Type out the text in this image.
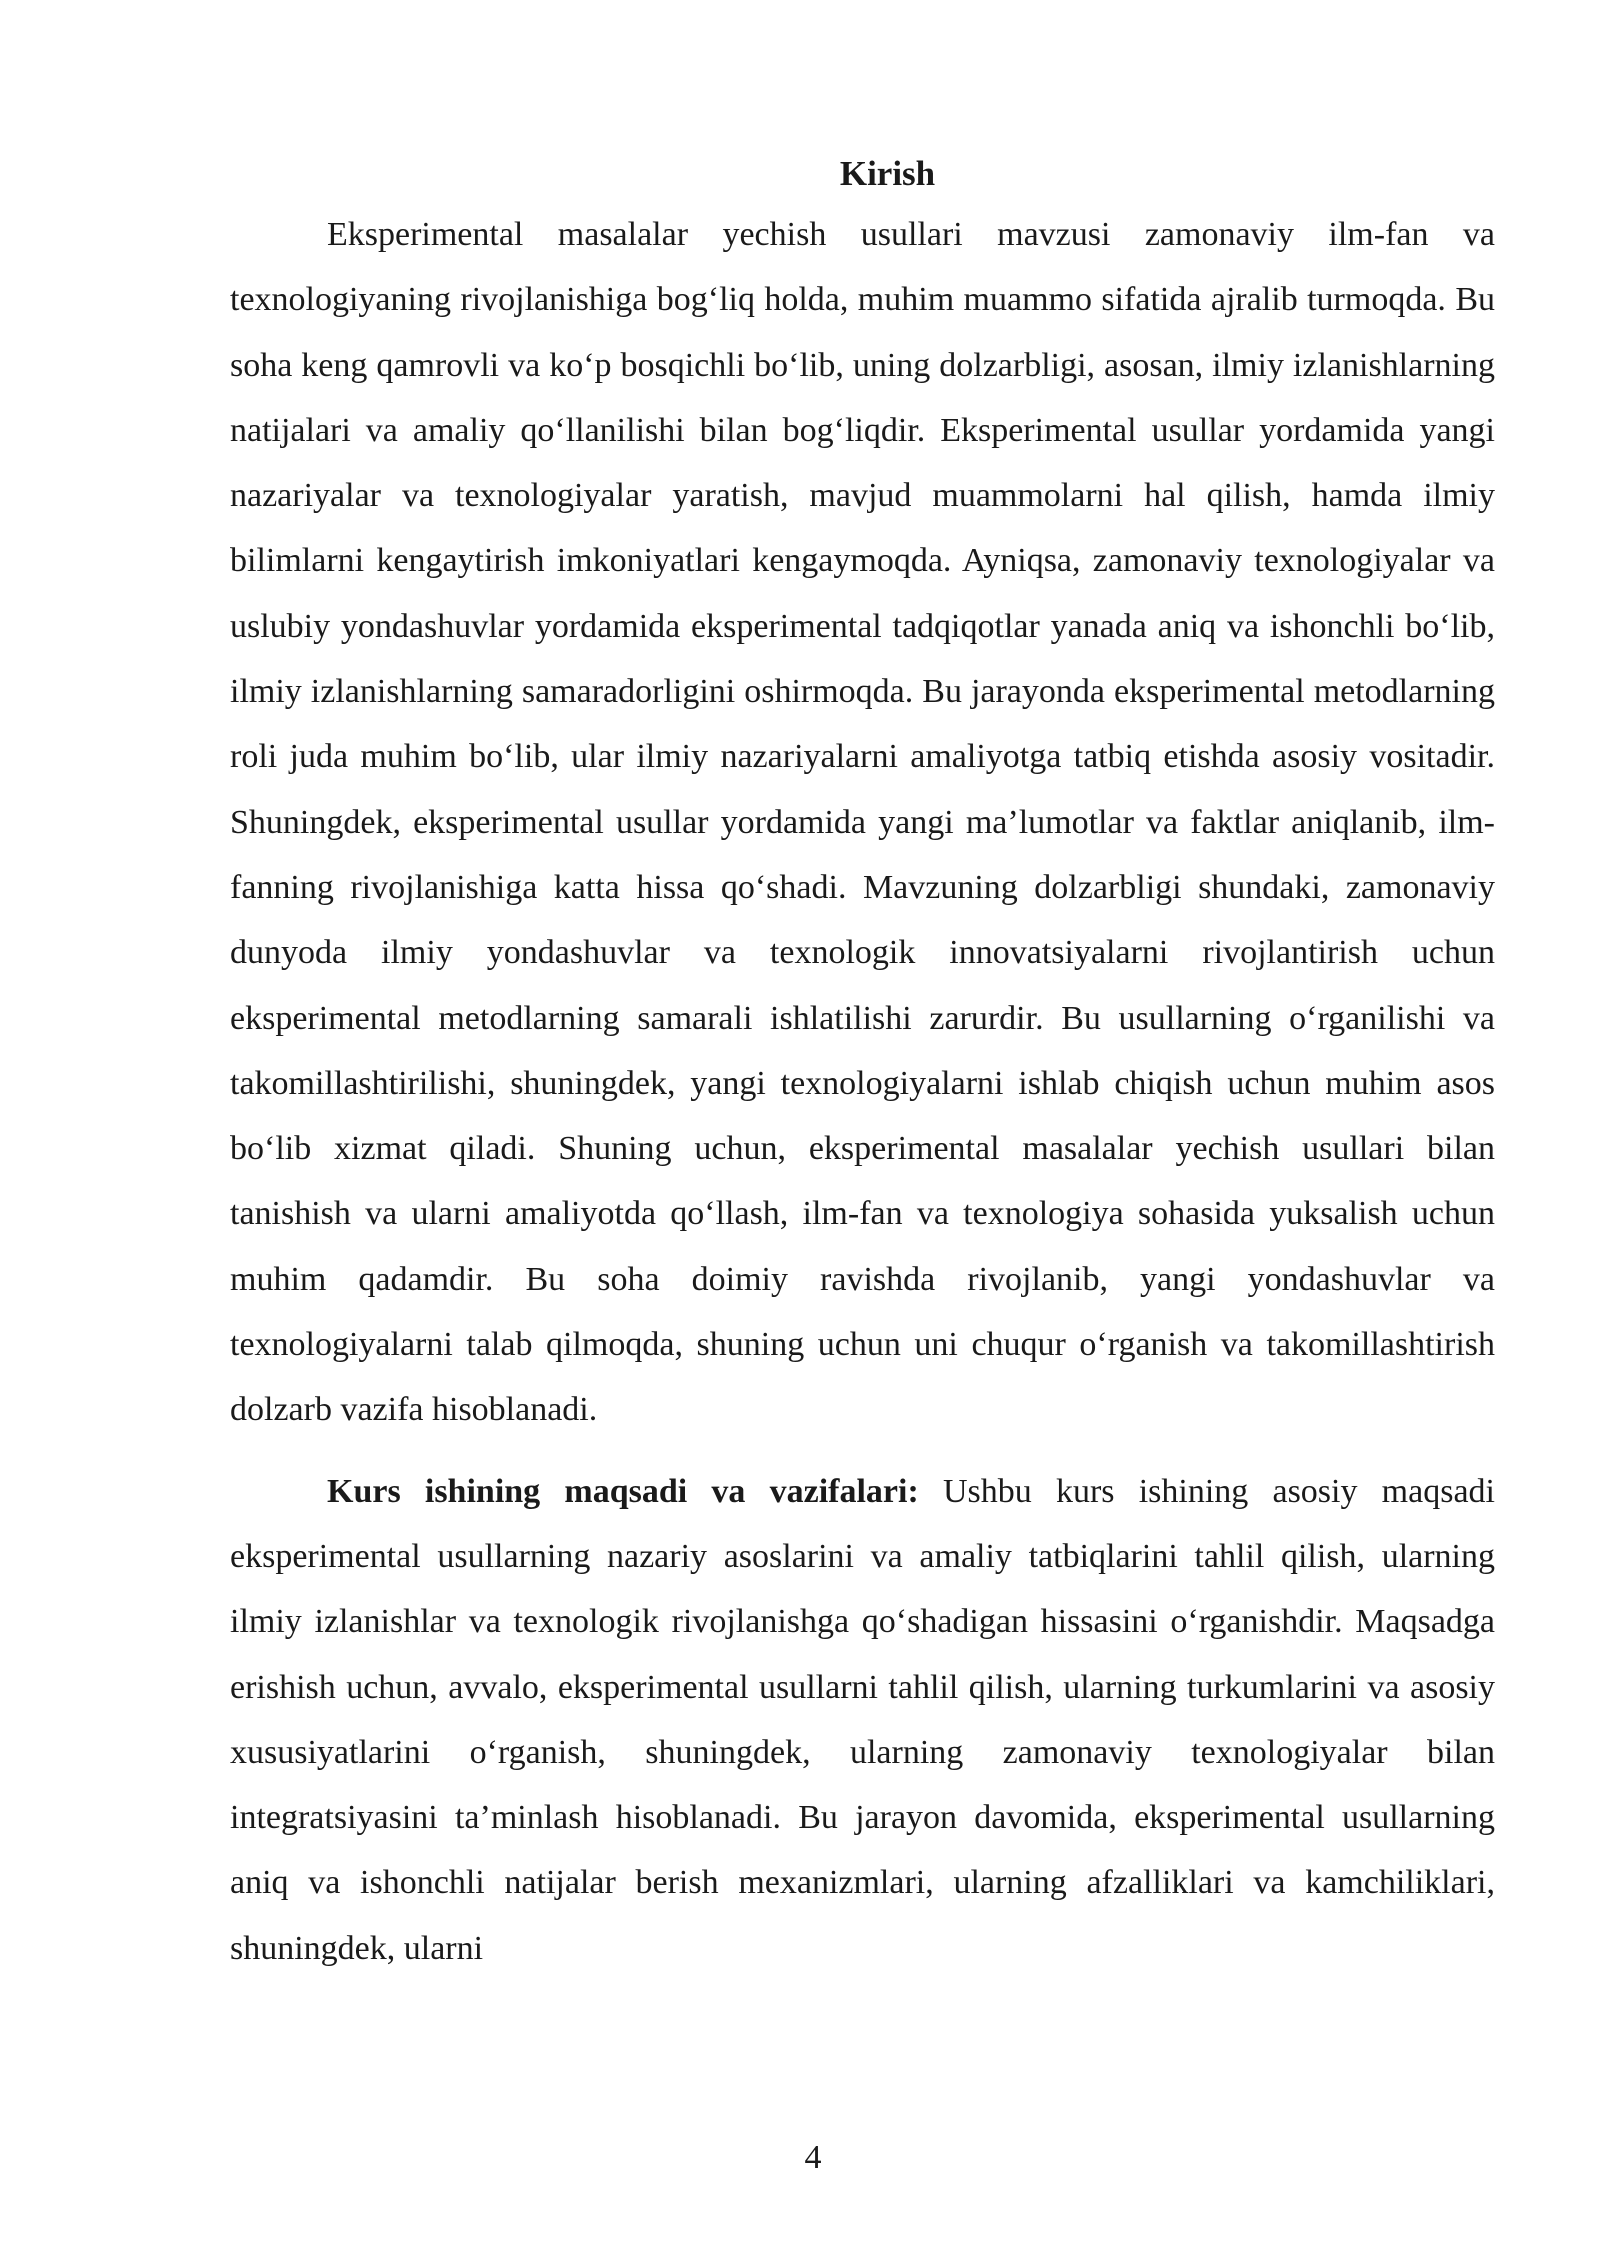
Kirish

Eksperimental masalalar yechish usullari mavzusi zamonaviy ilm-fan va texnologiyaning rivojlanishiga bog‘liq holda, muhim muammo sifatida ajralib turmoqda. Bu soha keng qamrovli va ko‘p bosqichli bo‘lib, uning dolzarbligi, asosan, ilmiy izlanishlarning natijalari va amaliy qo‘llanilishi bilan bog‘liqdir. Eksperimental usullar yordamida yangi nazariyalar va texnologiyalar yaratish, mavjud muammolarni hal qilish, hamda ilmiy bilimlarni kengaytirish imkoniyatlari kengaymoqda. Ayniqsa, zamonaviy texnologiyalar va uslubiy yondashuvlar yordamida eksperimental tadqiqotlar yanada aniq va ishonchli bo‘lib, ilmiy izlanishlarning samaradorligini oshirmoqda. Bu jarayonda eksperimental metodlarning roli juda muhim bo‘lib, ular ilmiy nazariyalarni amaliyotga tatbiq etishda asosiy vositadir. Shuningdek, eksperimental usullar yordamida yangi ma’lumotlar va faktlar aniqlanib, ilm-fanning rivojlanishiga katta hissa qo‘shadi. Mavzuning dolzarbligi shundaki, zamonaviy dunyoda ilmiy yondashuvlar va texnologik innovatsiyalarni rivojlantirish uchun eksperimental metodlarning samarali ishlatilishi zarurdir. Bu usullarning o‘rganilishi va takomillashtirilishi, shuningdek, yangi texnologiyalarni ishlab chiqish uchun muhim asos bo‘lib xizmat qiladi. Shuning uchun, eksperimental masalalar yechish usullari bilan tanishish va ularni amaliyotda qo‘llash, ilm-fan va texnologiya sohasida yuksalish uchun muhim qadamdir. Bu soha doimiy ravishda rivojlanib, yangi yondashuvlar va texnologiyalarni talab qilmoqda, shuning uchun uni chuqur o‘rganish va takomillashtirish dolzarb vazifa hisoblanadi.

Kurs ishining maqsadi va vazifalari: Ushbu kurs ishining asosiy maqsadi eksperimental usullarning nazariy asoslarini va amaliy tatbiqlarini tahlil qilish, ularning ilmiy izlanishlar va texnologik rivojlanishga qo‘shadigan hissasini o‘rganishdir. Maqsadga erishish uchun, avvalo, eksperimental usullarni tahlil qilish, ularning turkumlarini va asosiy xususiyatlarini o‘rganish, shuningdek, ularning zamonaviy texnologiyalar bilan integratsiyasini ta’minlash hisoblanadi. Bu jarayon davomida, eksperimental usullarning aniq va ishonchli natijalar berish mexanizmlari, ularning afzalliklari va kamchiliklari, shuningdek, ularni

4
